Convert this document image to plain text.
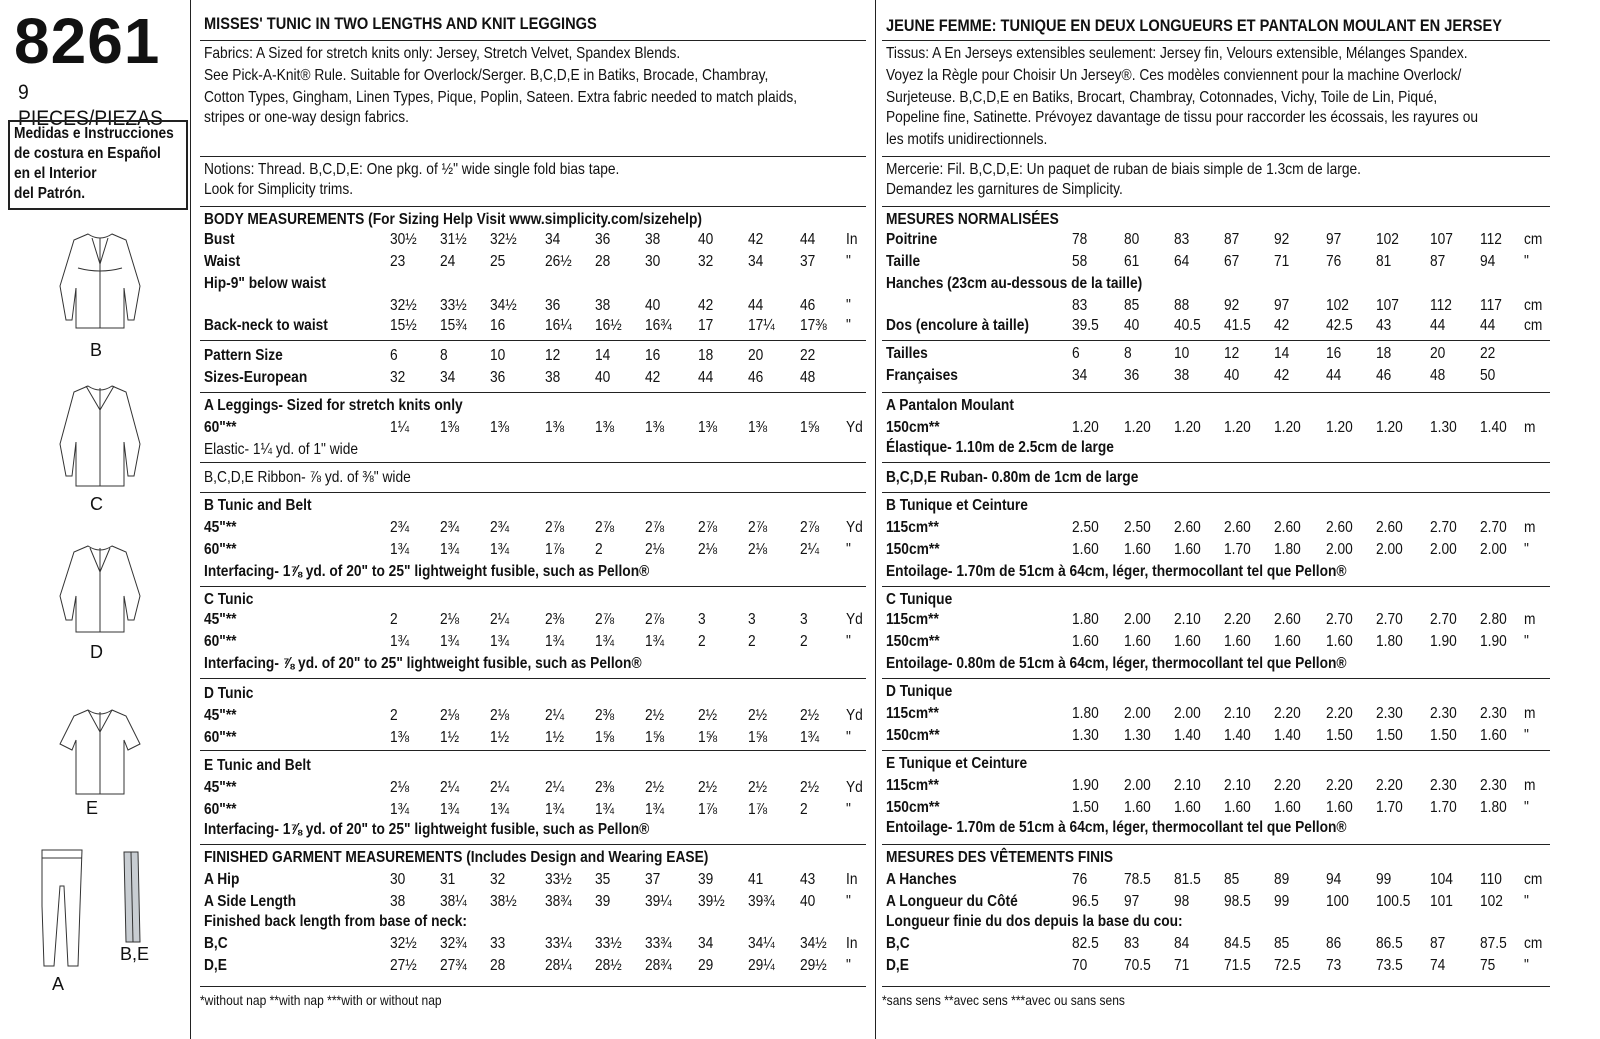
8261
9 PIECES/PIEZAS
Medidas e Instrucciones
de costura en Español
en el Interior
del Patrón.
B
C
D
E
A
B,E
MISSES' TUNIC IN TWO LENGTHS AND KNIT LEGGINGS
Fabrics: A Sized for stretch knits only: Jersey, Stretch Velvet, Spandex Blends.
See Pick-A-Knit® Rule. Suitable for Overlock/Serger. B,C,D,E in Batiks, Brocade, Chambray,
Cotton Types, Gingham, Linen Types, Pique, Poplin, Sateen. Extra fabric needed to match plaids,
stripes or one-way design fabrics.
Notions: Thread. B,C,D,E: One pkg. of ½" wide single fold bias tape.
Look for Simplicity trims.
BODY MEASUREMENTS (For Sizing Help Visit www.simplicity.com/sizehelp)
Bust	30½	31½	32½	34	36	38	40	42	44	In
Waist	23	24	25	26½	28	30	32	34	37	"
Hip-9" below waist
32½	33½	34½	36	38	40	42	44	46	"
Back-neck to waist	15½	15¾	16	16¼	16½	16¾	17	17¼	17⅜	"
Pattern Size	6	8	10	12	14	16	18	20	22
Sizes-European	32	34	36	38	40	42	44	46	48
A Leggings- Sized for stretch knits only
60"**	1¼	1⅜	1⅜	1⅜	1⅜	1⅜	1⅜	1⅜	1⅝	Yd
Elastic- 1¼ yd. of 1" wide
B,C,D,E Ribbon- ⅞ yd. of ⅜" wide
B Tunic and Belt
45"**	2¾	2¾	2¾	2⅞	2⅞	2⅞	2⅞	2⅞	2⅞	Yd
60"**	1¾	1¾	1¾	1⅞	2	2⅛	2⅛	2⅛	2¼	"
Interfacing- 1⅞ yd. of 20" to 25" lightweight fusible, such as Pellon®
C Tunic
45"**	2	2⅛	2¼	2⅜	2⅞	2⅞	3	3	3	Yd
60"**	1¾	1¾	1¾	1¾	1¾	1¾	2	2	2	"
Interfacing- ⅞ yd. of 20" to 25" lightweight fusible, such as Pellon®
D Tunic
45"**	2	2⅛	2⅛	2¼	2⅜	2½	2½	2½	2½	Yd
60"**	1⅜	1½	1½	1½	1⅝	1⅝	1⅝	1⅝	1¾	"
E Tunic and Belt
45"**	2⅛	2¼	2¼	2¼	2⅜	2½	2½	2½	2½	Yd
60"**	1¾	1¾	1¾	1¾	1¾	1¾	1⅞	1⅞	2	"
Interfacing- 1⅞ yd. of 20" to 25" lightweight fusible, such as Pellon®
FINISHED GARMENT MEASUREMENTS (Includes Design and Wearing EASE)
A Hip	30	31	32	33½	35	37	39	41	43	In
A Side Length	38	38¼	38½	38¾	39	39¼	39½	39¾	40	"
Finished back length from base of neck:
B,C	32½	32¾	33	33¼	33½	33¾	34	34¼	34½	In
D,E	27½	27¾	28	28¼	28½	28¾	29	29¼	29½	"
*without nap **with nap ***with or without nap
JEUNE FEMME: TUNIQUE EN DEUX LONGUEURS ET PANTALON MOULANT EN JERSEY
Tissus: A En Jerseys extensibles seulement: Jersey fin, Velours extensible, Mélanges Spandex.
Voyez la Règle pour Choisir Un Jersey®. Ces modèles conviennent pour la machine Overlock/
Surjeteuse. B,C,D,E en Batiks, Brocart, Chambray, Cotonnades, Vichy, Toile de Lin, Piqué,
Popeline fine, Satinette. Prévoyez davantage de tissu pour raccorder les écossais, les rayures ou
les motifs unidirectionnels.
Mercerie: Fil. B,C,D,E: Un paquet de ruban de biais simple de 1.3cm de large.
Demandez les garnitures de Simplicity.
MESURES NORMALISÉES
Poitrine	78 80 83 87 92 97 102 107 112 cm
Taille	58 61 64 67 71 76 81 87 94 "
Hanches (23cm au-dessous de la taille)
83 85 88 92 97 102 107 112 117 cm
Dos (encolure à taille)	39.5 40 40.5 41.5 42 42.5 43 44 44 cm
Tailles	6	8	10 12 14 16 18 20 22
Françaises	34 36 38 40 42 44 46 48 50
A Pantalon Moulant
150cm**	1.20 1.20 1.20 1.20 1.20 1.20 1.20 1.30 1.40 m
Élastique- 1.10m de 2.5cm de large
B,C,D,E Ruban- 0.80m de 1cm de large
B Tunique et Ceinture
115cm**	2.50 2.50 2.60 2.60 2.60 2.60 2.60 2.70 2.70 m
150cm**	1.60 1.60 1.60 1.70 1.80 2.00 2.00 2.00 2.00 "
Entoilage- 1.70m de 51cm à 64cm, léger, thermocollant tel que Pellon®
C Tunique
115cm**	1.80 2.00 2.10 2.20 2.60 2.70 2.70 2.70 2.80 m
150cm**	1.60 1.60 1.60 1.60 1.60 1.60 1.80 1.90 1.90 "
Entoilage- 0.80m de 51cm à 64cm, léger, thermocollant tel que Pellon®
D Tunique
115cm**	1.80 2.00 2.00 2.10 2.20 2.20 2.30 2.30 2.30 m
150cm**	1.30 1.30 1.40 1.40 1.40 1.50 1.50 1.50 1.60 "
E Tunique et Ceinture
115cm**	1.90 2.00 2.10 2.10 2.20 2.20 2.20 2.30 2.30 m
150cm**	1.50 1.60 1.60 1.60 1.60 1.60 1.70 1.70 1.80 "
Entoilage- 1.70m de 51cm à 64cm, léger, thermocollant tel que Pellon®
MESURES DES VÊTEMENTS FINIS
A Hanches	76 78.5 81.5 85 89 94 99 104 110 cm
A Longueur du Côté	96.5 97 98 98.5 99 100 100.5 101 102 "
Longueur finie du dos depuis la base du cou:
B,C	82.5 83 84 84.5 85 86 86.5 87 87.5 cm
D,E	70 70.5 71 71.5 72.5 73 73.5 74 75 "
*sans sens **avec sens ***avec ou sans sens
